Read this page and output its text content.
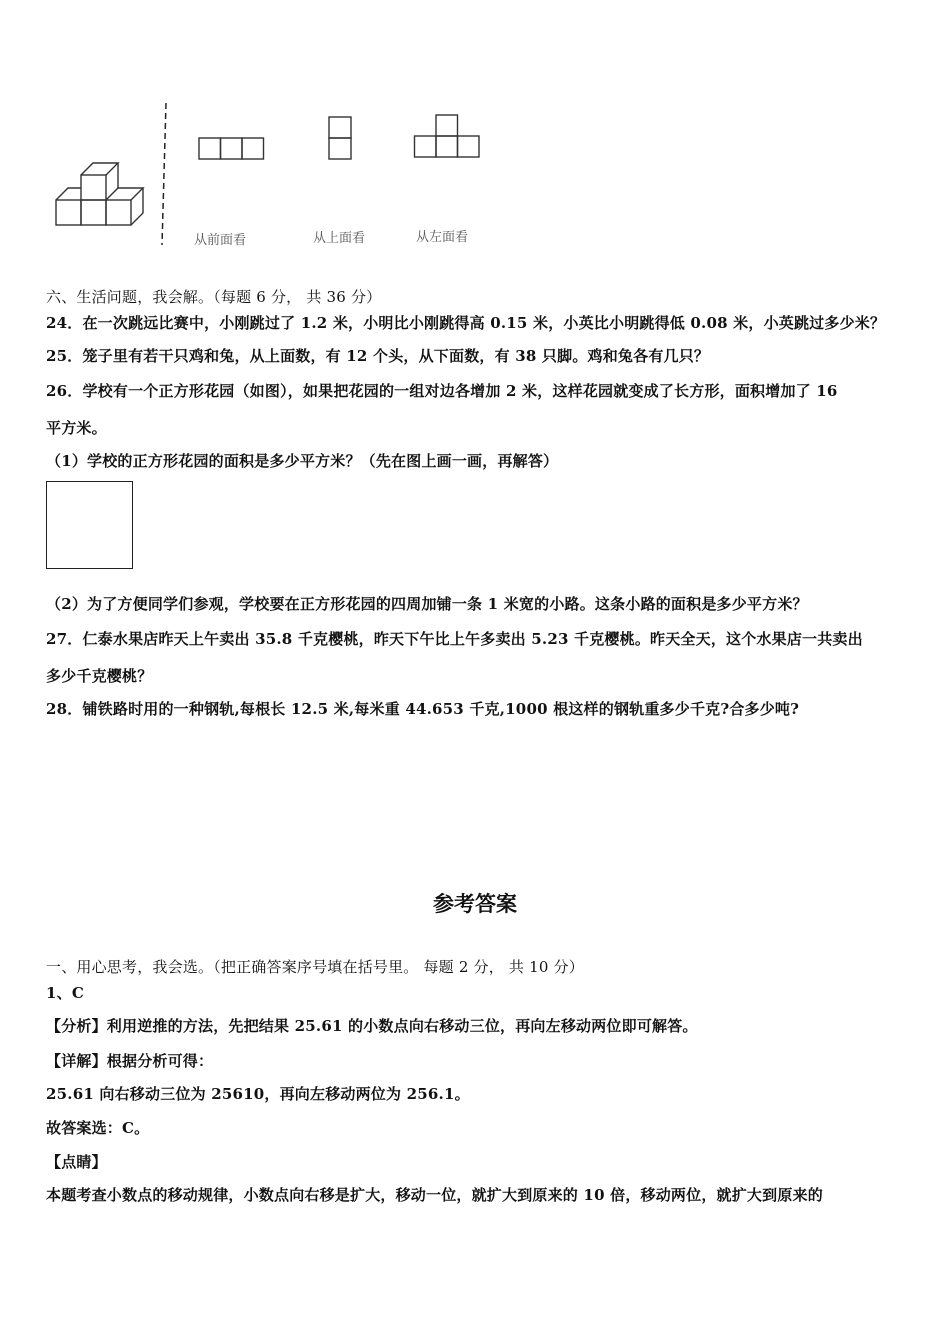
从前面看	从上面看	从左面看
六、生活问题，我会解。（每题 6 分， 共 36 分）
24．在一次跳远比赛中，小刚跳过了 1.2 米，小明比小刚跳得高 0.15 米，小英比小明跳得低 0.08 米，小英跳过多少米？
25．笼子里有若干只鸡和兔，从上面数，有 12 个头，从下面数，有 38 只脚。鸡和兔各有几只？
26．学校有一个正方形花园（如图），如果把花园的一组对边各增加 2 米，这样花园就变成了长方形，面积增加了 16
平方米。
（1）学校的正方形花园的面积是多少平方米？（先在图上画一画，再解答）
（2）为了方便同学们参观，学校要在正方形花园的四周加铺一条 1 米宽的小路。这条小路的面积是多少平方米？
27．仁泰水果店昨天上午卖出 35.8 千克樱桃，昨天下午比上午多卖出 5.23 千克樱桃。昨天全天，这个水果店一共卖出
多少千克樱桃？
28．铺铁路时用的一种钢轨,每根长 12.5 米,每米重 44.653 千克,1000 根这样的钢轨重多少千克?合多少吨?
参考答案
一、用心思考，我会选。（把正确答案序号填在括号里。 每题 2 分， 共 10 分）
1、C
【分析】利用逆推的方法，先把结果 25.61 的小数点向右移动三位，再向左移动两位即可解答。
【详解】根据分析可得：
25.61 向右移动三位为 25610，再向左移动两位为 256.1。
故答案选：C。
【点睛】
本题考查小数点的移动规律，小数点向右移是扩大，移动一位，就扩大到原来的 10 倍，移动两位，就扩大到原来的
